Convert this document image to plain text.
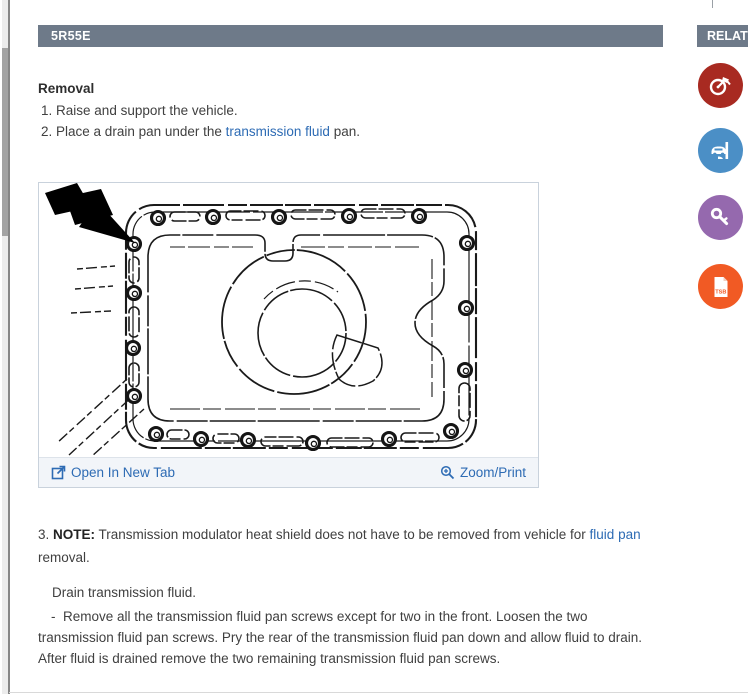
5R55E	RELAT
Removal
1. Raise and support the vehicle.
2. Place a drain pan under the transmission fluid pan.
Open In New Tab	Zoom/Print

3. NOTE: Transmission modulator heat shield does not have to be removed from vehicle for fluid pan removal.

Drain transmission fluid.

- Remove all the transmission fluid pan screws except for two in the front. Loosen the two transmission fluid pan screws. Pry the rear of the transmission fluid pan down and allow fluid to drain. After fluid is drained remove the two remaining transmission fluid pan screws.

TSB
